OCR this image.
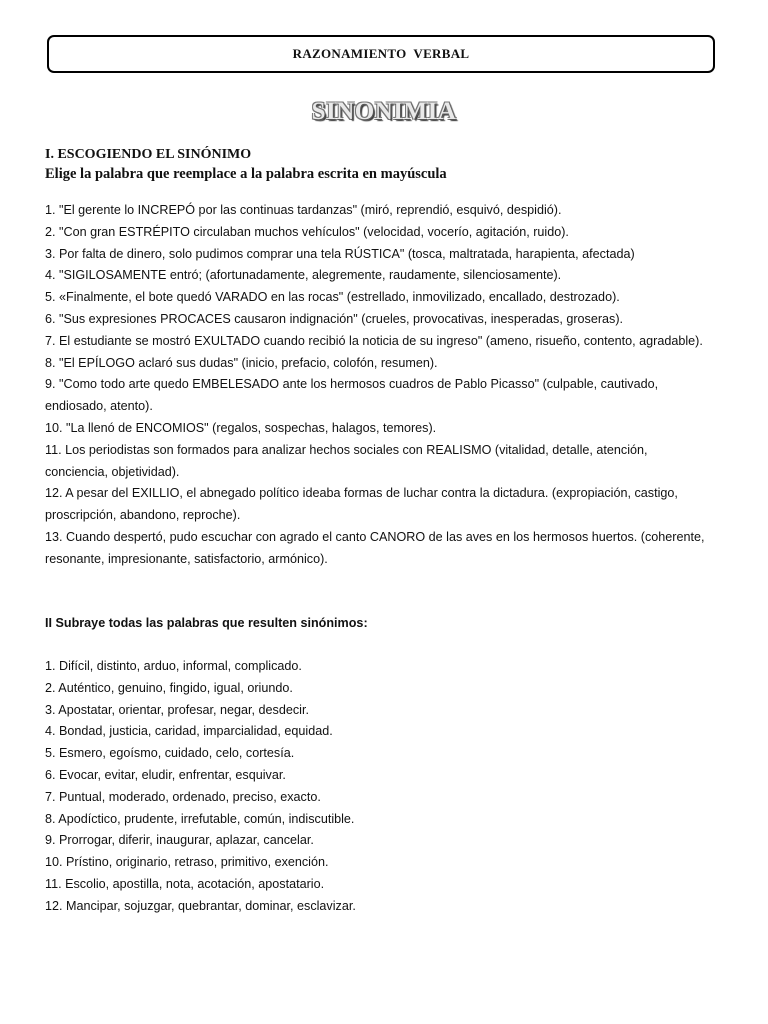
RAZONAMIENTO  VERBAL
SINONIMIA
I. ESCOGIENDO EL SINÓNIMO
Elige la palabra que reemplace a la palabra escrita en mayúscula
1. "El gerente lo INCREPÓ por las continuas tardanzas" (miró, reprendió, esquivó, despidió).
2. "Con gran ESTRÉPITO circulaban muchos vehículos" (velocidad, vocerío, agitación, ruido).
3. Por falta de dinero, solo pudimos comprar una tela RÚSTICA" (tosca, maltratada, harapienta, afectada)
4. "SIGILOSAMENTE entró; (afortunadamente, alegremente, raudamente, silenciosamente).
5. «Finalmente, el bote quedó VARADO en las rocas" (estrellado, inmovilizado, encallado, destrozado).
6. "Sus expresiones PROCACES causaron indignación" (crueles, provocativas, inesperadas, groseras).
7. El estudiante se mostró EXULTADO cuando recibió la noticia de su ingreso" (ameno, risueño, contento, agradable).
8. "El EPÍLOGO aclaró sus dudas" (inicio, prefacio, colofón, resumen).
9. "Como todo arte quedo EMBELESADO ante los hermosos cuadros de Pablo Picasso" (culpable, cautivado, endiosado, atento).
10. "La llenó de ENCOMIOS" (regalos, sospechas, halagos, temores).
11. Los periodistas son formados para analizar hechos sociales con REALISMO (vitalidad, detalle, atención, conciencia, objetividad).
12. A pesar del EXILLIO, el abnegado político ideaba formas de luchar contra la dictadura. (expropiación, castigo, proscripción, abandono, reproche).
13. Cuando despertó, pudo escuchar con agrado el canto CANORO de las aves en los hermosos huertos. (coherente, resonante, impresionante, satisfactorio, armónico).
II Subraye todas las palabras que resulten sinónimos:
1. Difícil, distinto, arduo, informal, complicado.
2. Auténtico, genuino, fingido, igual, oriundo.
3. Apostatar, orientar, profesar, negar, desdecir.
4. Bondad, justicia, caridad, imparcialidad, equidad.
5. Esmero, egoísmo, cuidado, celo, cortesía.
6. Evocar, evitar, eludir, enfrentar, esquivar.
7. Puntual, moderado, ordenado, preciso, exacto.
8. Apodíctico, prudente, irrefutable, común, indiscutible.
9. Prorrogar, diferir, inaugurar, aplazar, cancelar.
10. Prístino, originario, retraso, primitivo, exención.
11. Escolio, apostilla, nota, acotación, apostatario.
12. Mancipar, sojuzgar, quebrantar, dominar, esclavizar.
